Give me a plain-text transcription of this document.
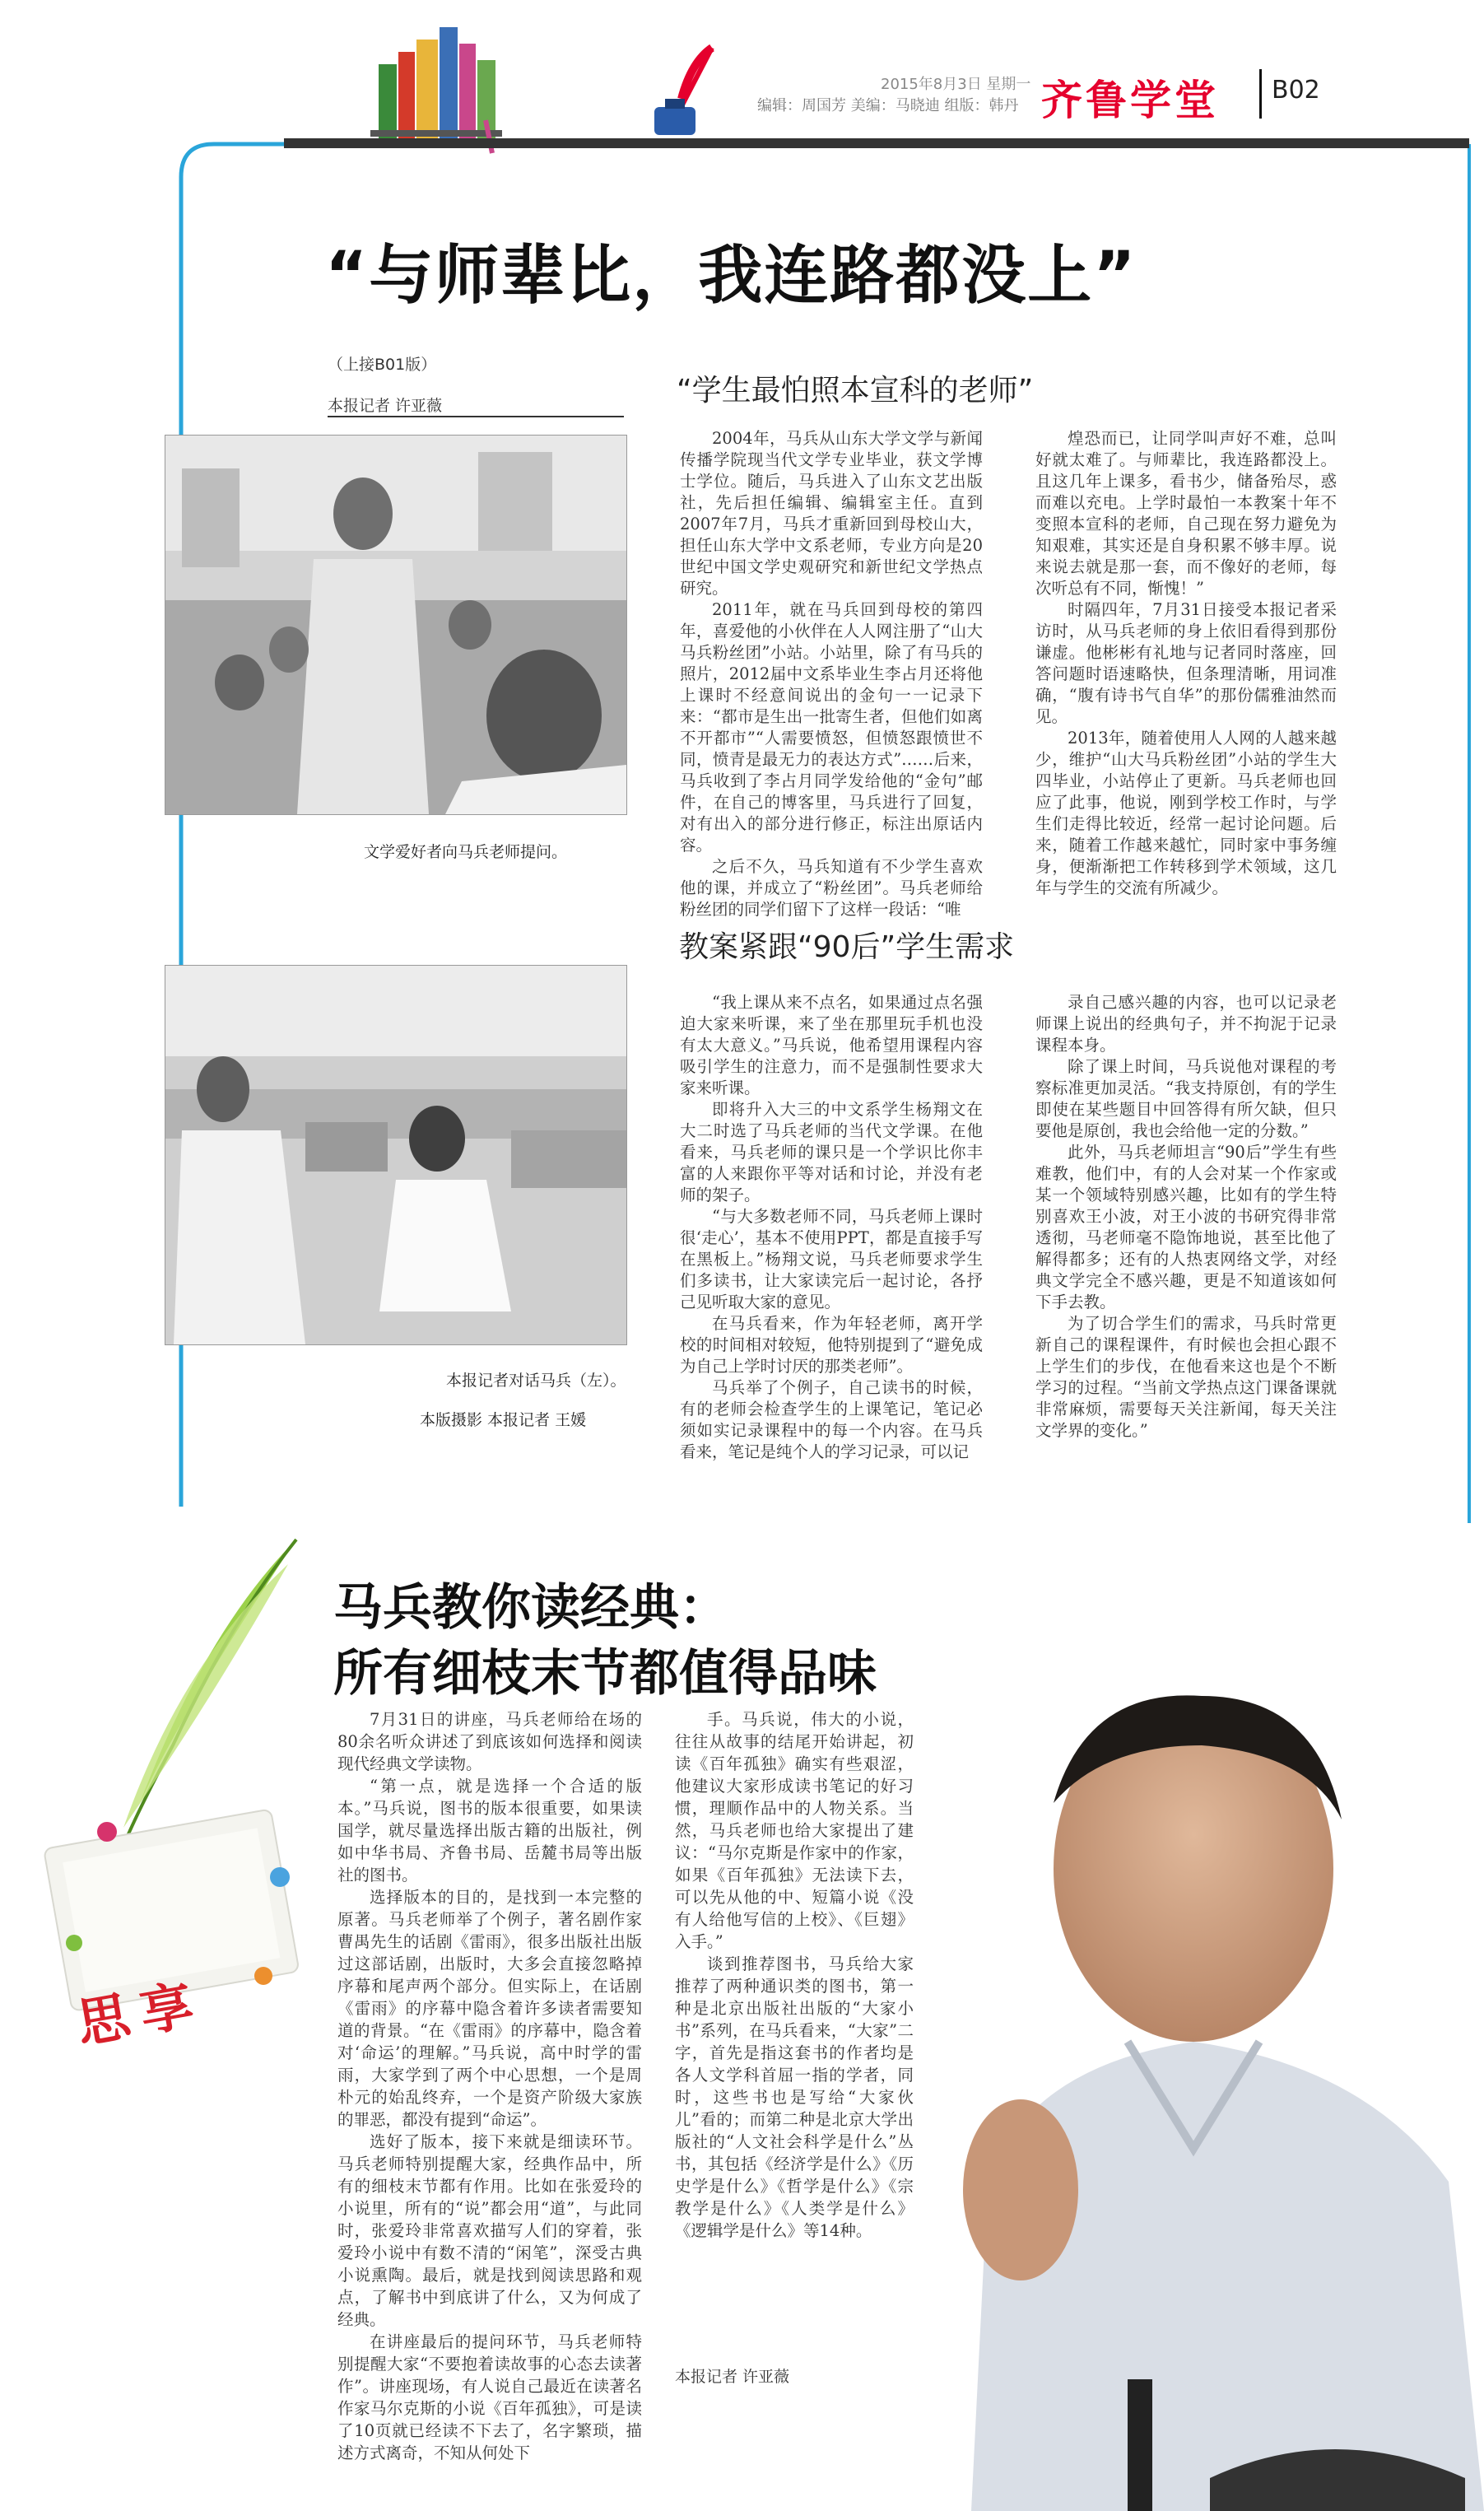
2015年8月3日 星期一
编辑：周国芳 美编：马晓迪 组版：韩丹 齐鲁学堂 B02
“与师辈比，我连路都没上”
（上接B01版）
本报记者 许亚薇
文学爱好者向马兵老师提问。
本报记者对话马兵（左）。
本版摄影 本报记者 王媛
“学生最怕照本宣科的老师”

2004年，马兵从山东大学文学与新闻传播学院现当代文学专业毕业，获文学博士学位。随后，马兵进入了山东文艺出版社，先后担任编辑、编辑室主任。直到2007年7月，马兵才重新回到母校山大，担任山东大学中文系老师，专业方向是20世纪中国文学史观研究和新世纪文学热点研究。

2011年，就在马兵回到母校的第四年，喜爱他的小伙伴在人人网注册了“山大马兵粉丝团”小站。小站里，除了有马兵的照片，2012届中文系毕业生李占月还将他上课时不经意间说出的金句一一记录下来：“都市是生出一批寄生者，但他们如离不开都市”“人需要愤怒，但愤怒跟愤世不同，愤青是最无力的表达方式”……后来，马兵收到了李占月同学发给他的“金句”邮件，在自己的博客里，马兵进行了回复，对有出入的部分进行修正，标注出原话内容。

之后不久，马兵知道有不少学生喜欢他的课，并成立了“粉丝团”。马兵老师给粉丝团的同学们留下了这样一段话：“唯

煌恐而已，让同学叫声好不难，总叫好就太难了。与师辈比，我连路都没上。且这几年上课多，看书少，储备殆尽，惑而难以充电。上学时最怕一本教案十年不变照本宣科的老师，自己现在努力避免为知艰难，其实还是自身积累不够丰厚。说来说去就是那一套，而不像好的老师，每次听总有不同，惭愧！”

时隔四年，7月31日接受本报记者采访时，从马兵老师的身上依旧看得到那份谦虚。他彬彬有礼地与记者同时落座，回答问题时语速略快，但条理清晰，用词准确，“腹有诗书气自华”的那份儒雅油然而见。

2013年，随着使用人人网的人越来越少，维护“山大马兵粉丝团”小站的学生大四毕业，小站停止了更新。马兵老师也回应了此事，他说，刚到学校工作时，与学生们走得比较近，经常一起讨论问题。后来，随着工作越来越忙，同时家中事务缠身，便渐渐把工作转移到学术领域，这几年与学生的交流有所减少。

教案紧跟“90后”学生需求

“我上课从来不点名，如果通过点名强迫大家来听课，来了坐在那里玩手机也没有太大意义。”马兵说，他希望用课程内容吸引学生的注意力，而不是强制性要求大家来听课。

即将升入大三的中文系学生杨翔文在大二时选了马兵老师的当代文学课。在他看来，马兵老师的课只是一个学识比你丰富的人来跟你平等对话和讨论，并没有老师的架子。

“与大多数老师不同，马兵老师上课时很‘走心’，基本不使用PPT，都是直接手写在黑板上。”杨翔文说，马兵老师要求学生们多读书，让大家读完后一起讨论，各抒己见听取大家的意见。

在马兵看来，作为年轻老师，离开学校的时间相对较短，他特别提到了“避免成为自己上学时讨厌的那类老师”。

马兵举了个例子，自己读书的时候，有的老师会检查学生的上课笔记，笔记必须如实记录课程中的每一个内容。在马兵看来，笔记是纯个人的学习记录，可以记

录自己感兴趣的内容，也可以记录老师课上说出的经典句子，并不拘泥于记录课程本身。

除了课上时间，马兵说他对课程的考察标准更加灵活。“我支持原创，有的学生即使在某些题目中回答得有所欠缺，但只要他是原创，我也会给他一定的分数。”

此外，马兵老师坦言“90后”学生有些难教，他们中，有的人会对某一个作家或某一个领域特别感兴趣，比如有的学生特别喜欢王小波，对王小波的书研究得非常透彻，马老师毫不隐饰地说，甚至比他了解得都多；还有的人热衷网络文学，对经典文学完全不感兴趣，更是不知道该如何下手去教。

为了切合学生们的需求，马兵时常更新自己的课程课件，有时候也会担心跟不上学生们的步伐，在他看来这也是个不断学习的过程。“当前文学热点这门课备课就非常麻烦，需要每天关注新闻，每天关注文学界的变化。”

思享
马兵教你读经典：
所有细枝末节都值得品味

7月31日的讲座，马兵老师给在场的80余名听众讲述了到底该如何选择和阅读现代经典文学读物。

“第一点，就是选择一个合适的版本。”马兵说，图书的版本很重要，如果读国学，就尽量选择出版古籍的出版社，例如中华书局、齐鲁书局、岳麓书局等出版社的图书。

选择版本的目的，是找到一本完整的原著。马兵老师举了个例子，著名剧作家曹禺先生的话剧《雷雨》，很多出版社出版过这部话剧，出版时，大多会直接忽略掉序幕和尾声两个部分。但实际上，在话剧《雷雨》的序幕中隐含着许多读者需要知道的背景。“在《雷雨》的序幕中，隐含着对‘命运’的理解。”马兵说，高中时学的雷雨，大家学到了两个中心思想，一个是周朴元的始乱终弃，一个是资产阶级大家族的罪恶，都没有提到“命运”。

选好了版本，接下来就是细读环节。马兵老师特别提醒大家，经典作品中，所有的细枝末节都有作用。比如在张爱玲的小说里，所有的“说”都会用“道”，与此同时，张爱玲非常喜欢描写人们的穿着，张爱玲小说中有数不清的“闲笔”，深受古典小说熏陶。最后，就是找到阅读思路和观点，了解书中到底讲了什么，又为何成了经典。

在讲座最后的提问环节，马兵老师特别提醒大家“不要抱着读故事的心态去读著作”。讲座现场，有人说自己最近在读著名作家马尔克斯的小说《百年孤独》，可是读了10页就已经读不下去了，名字繁琐，描述方式离奇，不知从何处下

手。马兵说，伟大的小说，往往从故事的结尾开始讲起，初读《百年孤独》确实有些艰涩，他建议大家形成读书笔记的好习惯，理顺作品中的人物关系。当然，马兵老师也给大家提出了建议：“马尔克斯是作家中的作家，如果《百年孤独》无法读下去，可以先从他的中、短篇小说《没有人给他写信的上校》、《巨翅》入手。”

谈到推荐图书，马兵给大家推荐了两种通识类的图书，第一种是北京出版社出版的“大家小书”系列，在马兵看来，“大家”二字，首先是指这套书的作者均是各人文学科首屈一指的学者，同时，这些书也是写给“大家伙儿”看的；而第二种是北京大学出版社的“人文社会科学是什么”丛书，其包括《经济学是什么》《历史学是什么》《哲学是什么》《宗教学是什么》《人类学是什么》《逻辑学是什么》等14种。

本报记者 许亚薇
